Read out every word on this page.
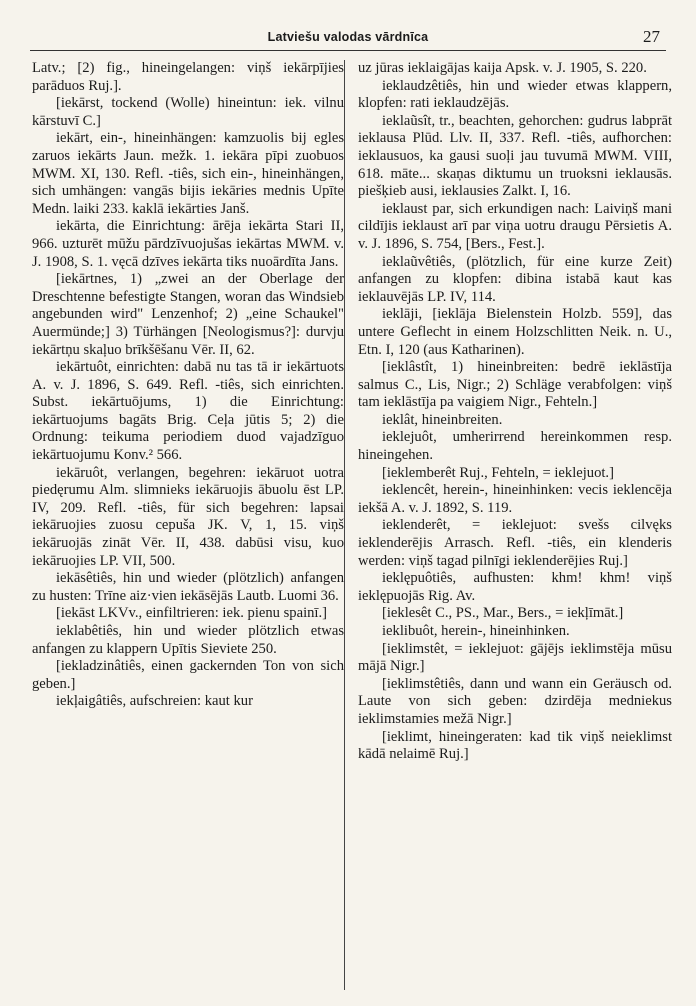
Latviešu valodas vārdnīca	27

Latv.; [2) fig., hineingelangen: viņš iekārpījies parāduos Ruj.].

[iekārst, tockend (Wolle) hineintun: iek. vilnu kārstuvī C.]

iekārt, ein-, hineinhängen: kamzuolis bij egles zaruos iekārts Jaun. mežk. 1. iekāra pīpi zuobuos MWM. XI, 130. Refl. -tiês, sich ein-, hineinhängen, sich umhängen: vangās bijis iekāries mednis Upīte Medn. laiki 233. kaklā iekārties Janš.

iekārta, die Einrichtung: ārēja iekārta Stari II, 966. uzturēt mūžu pārdzīvuojušas iekārtas MWM. v. J. 1908, S. 1. vęcā dzīves iekārta tiks nuoārdīta Jans.

[iekārtnes, 1) „zwei an der Oberlage der Dreschtenne befestigte Stangen, woran das Windsieb angebunden wird" Lenzenhof; 2) „eine Schaukel" Auermünde;] 3) Türhängen [Neologismus?]: durvju iekārtņu skaļuo brīkšēšanu Vēr. II, 62.

iekārtuôt, einrichten: dabā nu tas tā ir iekārtuots A. v. J. 1896, S. 649. Refl. -tiês, sich einrichten. Subst. iekārtuōjums, 1) die Einrichtung: iekārtuojums bagāts Brig. Ceļa jūtis 5; 2) die Ordnung: teikuma periodiem duod vajadzīguo iekārtuojumu Konv.² 566.

iekāruôt, verlangen, begehren: iekāruot uotra piedęrumu Alm. slimnieks iekāruojis ābuolu ēst LP. IV, 209. Refl. -tiês, für sich begehren: lapsai iekāruojies zuosu cepuša JK. V, 1, 15. viņš iekāruojās zināt Vēr. II, 438. dabūsi visu, kuo iekāruojies LP. VII, 500.

iekāsêtiês, hin und wieder (plötzlich) anfangen zu husten: Trīne aiz·vien iekāsējās Lautb. Luomi 36.

[iekāst LKVv., einfiltrieren: iek. pienu spainī.]

ieklabêtiês, hin und wieder plötzlich etwas anfangen zu klappern Upītis Sieviete 250.

[iekladzinâtiês, einen gackernden Ton von sich geben.]

iekļaigâtiês, aufschreien: kaut kur

uz jūras ieklaigājas kaija Apsk. v. J. 1905, S. 220.

ieklaudzêtiês, hin und wieder etwas klappern, klopfen: rati ieklaudzējās.

ieklaũsît, tr., beachten, gehorchen: gudrus labprāt ieklausa Plūd. Llv. II, 337. Refl. -tiês, aufhorchen: ieklausuos, ka gausi suoļi jau tuvumā MWM. VIII, 618. māte... skaņas diktumu un truoksni ieklausās. piešķieb ausi, ieklausies Zalkt. I, 16.

ieklaust par, sich erkundigen nach: Laiviņš mani cildījis ieklaust arī par viņa uotru draugu Pērsietis A. v. J. 1896, S. 754, [Bers., Fest.].

ieklaũvêtiês, (plötzlich, für eine kurze Zeit) anfangen zu klopfen: dibina istabā kaut kas ieklauvējās LP. IV, 114.

ieklāji, [ieklāja Bielenstein Holzb. 559], das untere Geflecht in einem Holzschlitten Neik. n. U., Etn. I, 120 (aus Katharinen).

[ieklâstît, 1) hineinbreiten: bedrē ieklāstīja salmus C., Lis, Nigr.; 2) Schläge verabfolgen: viņš tam ieklāstīja pa vaigiem Nigr., Fehteln.]

ieklât, hineinbreiten.

ieklejuôt, umherirrend hereinkommen resp. hineingehen.

[ieklemberêt Ruj., Fehteln, = ieklejuot.]

ieklencêt, herein-, hineinhinken: vecis ieklencēja iekšā A. v. J. 1892, S. 119.

ieklenderêt, = ieklejuot: svešs cilvęks ieklenderējis Arrasch. Refl. -tiês, ein klenderis werden: viņš tagad pilnīgi ieklenderējies Ruj.]

ieklępuôtiês, aufhusten: khm! khm! viņš ieklępuojās Rig. Av.

[ieklesêt C., PS., Mar., Bers., = iekļīmāt.]

ieklibuôt, herein-, hineinhinken.

[ieklimstêt, = ieklejuot: gājējs ieklimstēja mūsu mājā Nigr.]

[ieklimstêtiês, dann und wann ein Geräusch od. Laute von sich geben: dzirdēja medniekus ieklimstamies mežā Nigr.]

[ieklimt, hineingeraten: kad tik viņš neieklimst kādā nelaimē Ruj.]
